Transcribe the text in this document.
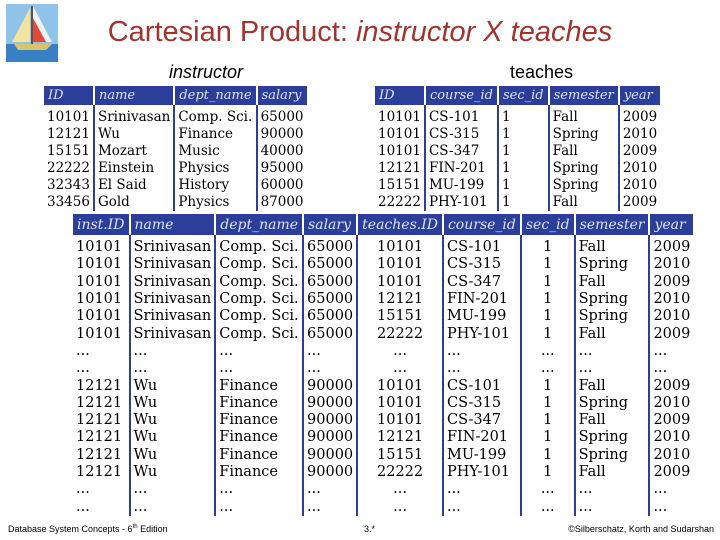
Cartesian Product: instructor X teaches
instructor	teaches
ID	name	dept_name	salary

10101	Srinivasan	Comp. Sci.	65000
12121	Wu	Finance	90000
15151	Mozart	Music	40000
22222	Einstein	Physics	95000
32343	El Said	History	60000
33456	Gold	Physics	87000
ID	course_id	sec_id	semester	year

10101	CS-101	1	Fall	2009
10101	CS-315	1	Spring	2010
10101	CS-347	1	Fall	2009
12121	FIN-201	1	Spring	2010
15151	MU-199	1	Spring	2010
22222	PHY-101	1	Fall	2009
inst.ID	name	dept_name	salary	teaches.ID	course_id	sec_id	semester	year

10101	Srinivasan	Comp. Sci.	65000	10101	CS-101	1	Fall	2009
10101	Srinivasan	Comp. Sci.	65000	10101	CS-315	1	Spring	2010
10101	Srinivasan	Comp. Sci.	65000	10101	CS-347	1	Fall	2009
10101	Srinivasan	Comp. Sci.	65000	12121	FIN-201	1	Spring	2010
10101	Srinivasan	Comp. Sci.	65000	15151	MU-199	1	Spring	2010
10101	Srinivasan	Comp. Sci.	65000	22222	PHY-101	1	Fall	2009
...	...	...	...	...	...	...	...	...
...	...	...	...	...	...	...	...	...
12121	Wu	Finance	90000	10101	CS-101	1	Fall	2009
12121	Wu	Finance	90000	10101	CS-315	1	Spring	2010
12121	Wu	Finance	90000	10101	CS-347	1	Fall	2009
12121	Wu	Finance	90000	12121	FIN-201	1	Spring	2010
12121	Wu	Finance	90000	15151	MU-199	1	Spring	2010
12121	Wu	Finance	90000	22222	PHY-101	1	Fall	2009
...	...	...	...	...	...	...	...	...
...	...	...	...	...	...	...	...	...
Database System Concepts - 6th Edition	3.*	©Silberschatz, Korth and Sudarshan
